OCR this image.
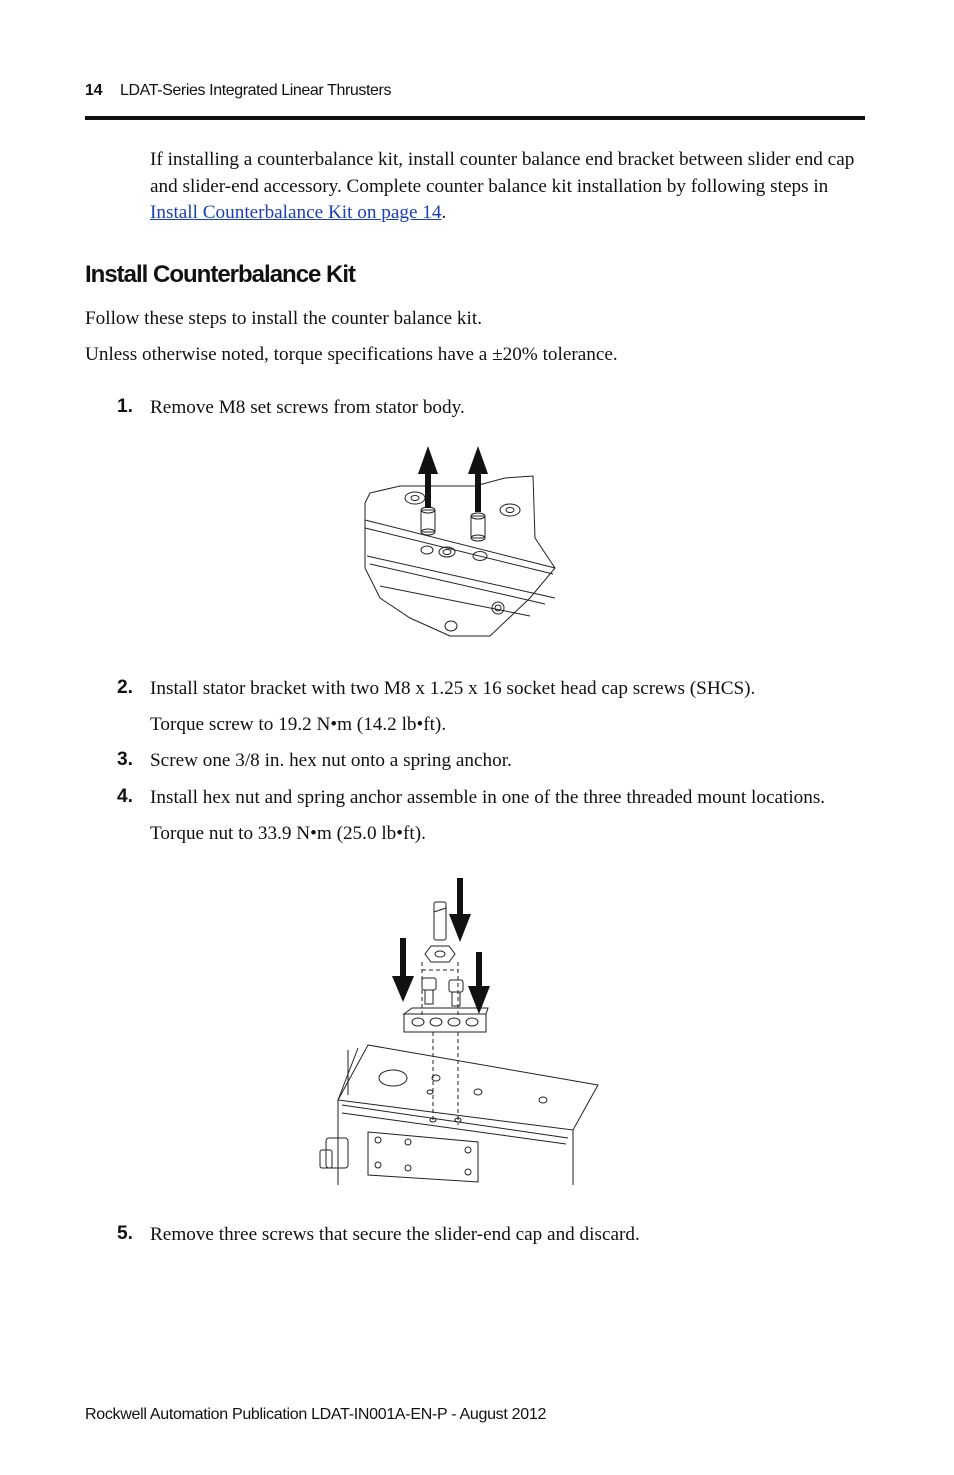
14 LDAT-Series Integrated Linear Thrusters

If installing a counterbalance kit, install counter balance end bracket between slider end cap and slider-end accessory. Complete counter balance kit installation by following steps in Install Counterbalance Kit on page 14.

Install Counterbalance Kit

Follow these steps to install the counter balance kit.

Unless otherwise noted, torque specifications have a ±20% tolerance.

1. Remove M8 set screws from stator body.
2. Install stator bracket with two M8 x 1.25 x 16 socket head cap screws (SHCS).
Torque screw to 19.2 N•m (14.2 lb•ft).
3. Screw one 3/8 in. hex nut onto a spring anchor.
4. Install hex nut and spring anchor assemble in one of the three threaded mount locations.
Torque nut to 33.9 N•m (25.0 lb•ft).
5. Remove three screws that secure the slider-end cap and discard.
Rockwell Automation Publication LDAT-IN001A-EN-P - August 2012
